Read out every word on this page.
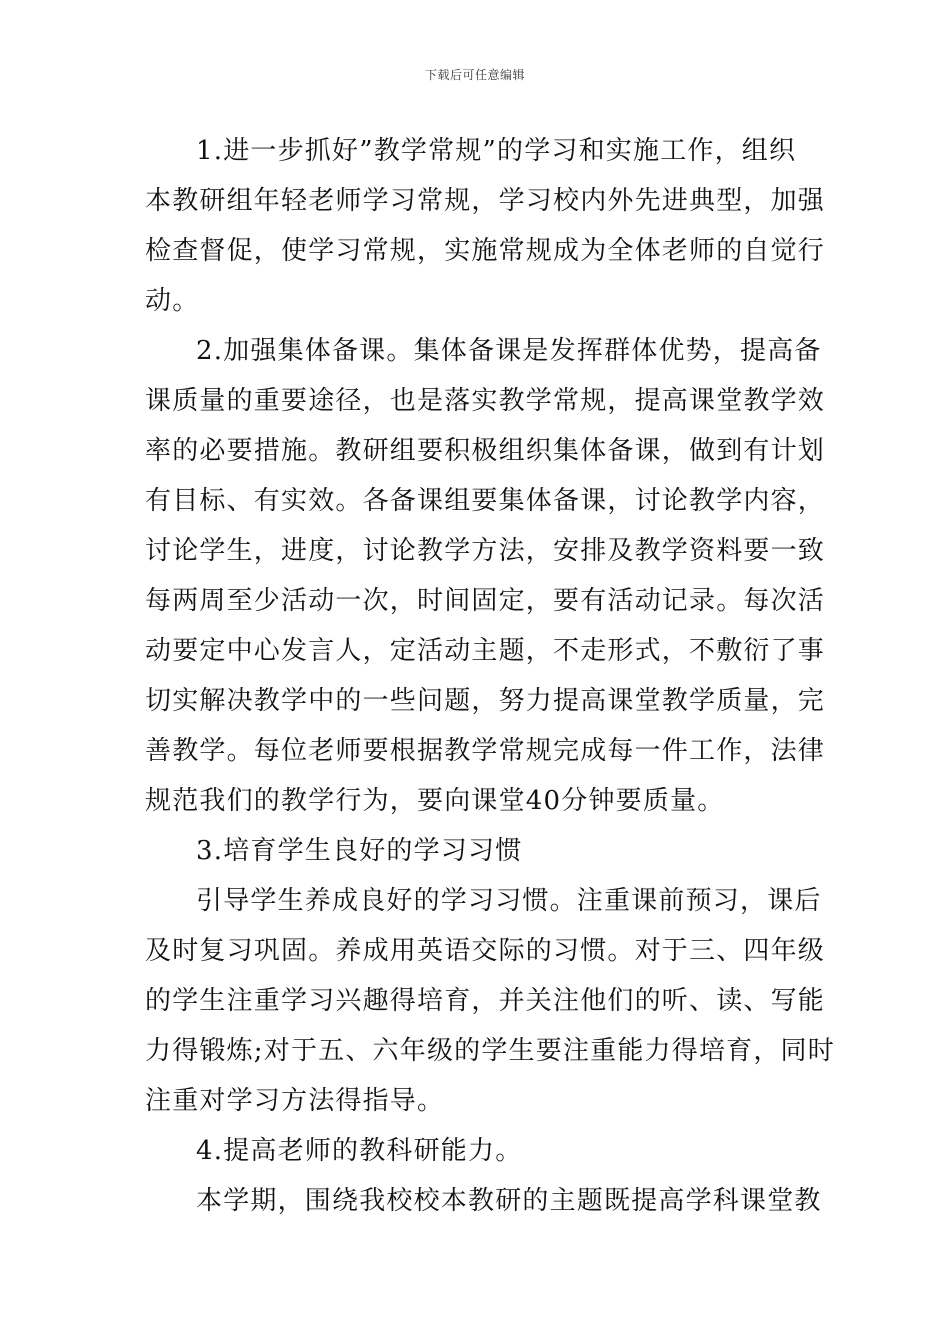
下载后可任意编辑
1.进一步抓好”教学常规”的学习和实施工作，组织
本教研组年轻老师学习常规，学习校内外先进典型，加强
检查督促，使学习常规，实施常规成为全体老师的自觉行
动。
2.加强集体备课。集体备课是发挥群体优势，提高备
课质量的重要途径，也是落实教学常规，提高课堂教学效
率的必要措施。教研组要积极组织集体备课，做到有计划
有目标、有实效。各备课组要集体备课，讨论教学内容，
讨论学生，进度，讨论教学方法，安排及教学资料要一致
每两周至少活动一次，时间固定，要有活动记录。每次活
动要定中心发言人，定活动主题，不走形式，不敷衍了事
切实解决教学中的一些问题，努力提高课堂教学质量，完
善教学。每位老师要根据教学常规完成每一件工作，法律
规范我们的教学行为，要向课堂40分钟要质量。
3.培育学生良好的学习习惯
引导学生养成良好的学习习惯。注重课前预习，课后
及时复习巩固。养成用英语交际的习惯。对于三、四年级
的学生注重学习兴趣得培育，并关注他们的听、读、写能
力得锻炼;对于五、六年级的学生要注重能力得培育，同时
注重对学习方法得指导。
4.提高老师的教科研能力。
本学期，围绕我校校本教研的主题既提高学科课堂教
